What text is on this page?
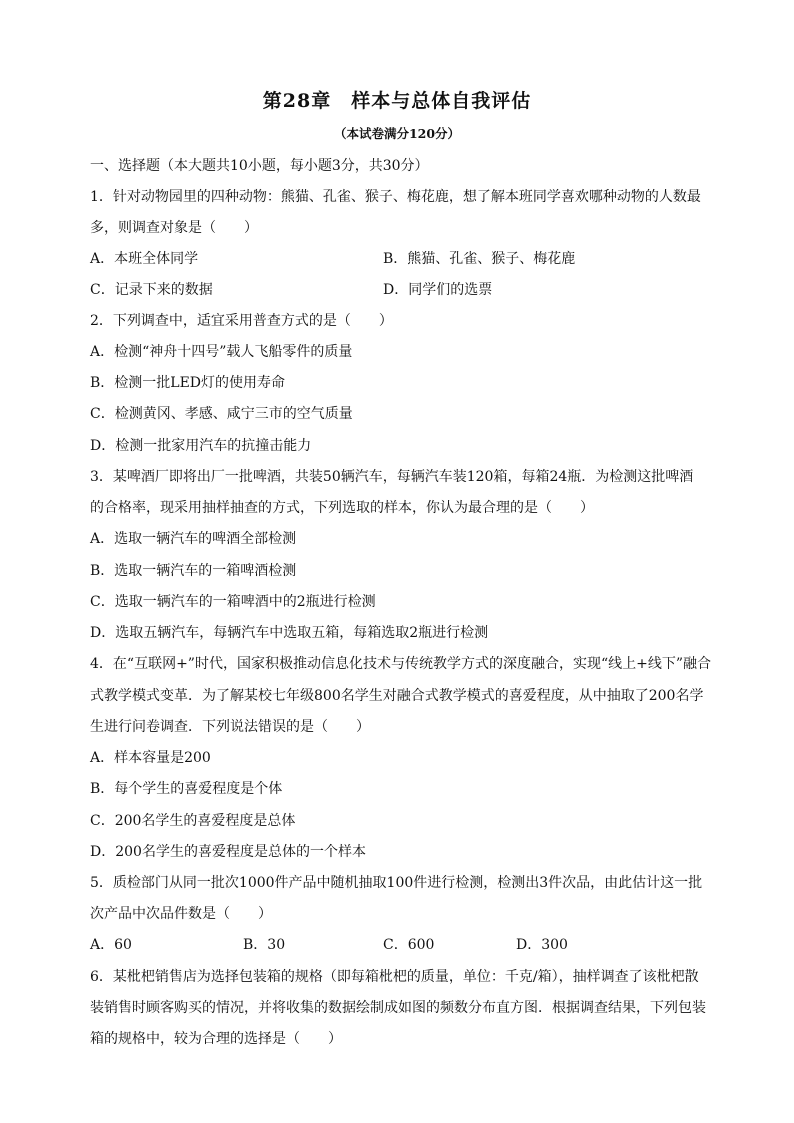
第28章　样本与总体自我评估
（本试卷满分120分）
一、选择题（本大题共10小题，每小题3分，共30分）
1．针对动物园里的四种动物：熊猫、孔雀、猴子、梅花鹿，想了解本班同学喜欢哪种动物的人数最
多，则调查对象是（　　）
A．本班全体同学	B．熊猫、孔雀、猴子、梅花鹿
C．记录下来的数据	D．同学们的选票
2．下列调查中，适宜采用普查方式的是（　　）
A．检测“神舟十四号”载人飞船零件的质量
B．检测一批LED灯的使用寿命
C．检测黄冈、孝感、咸宁三市的空气质量
D．检测一批家用汽车的抗撞击能力
3．某啤酒厂即将出厂一批啤酒，共装50辆汽车，每辆汽车装120箱，每箱24瓶．为检测这批啤酒
的合格率，现采用抽样抽查的方式，下列选取的样本，你认为最合理的是（　　）
A．选取一辆汽车的啤酒全部检测
B．选取一辆汽车的一箱啤酒检测
C．选取一辆汽车的一箱啤酒中的2瓶进行检测
D．选取五辆汽车，每辆汽车中选取五箱，每箱选取2瓶进行检测
4．在“互联网+”时代，国家积极推动信息化技术与传统教学方式的深度融合，实现“线上+线下”融合
式教学模式变革．为了解某校七年级800名学生对融合式教学模式的喜爱程度，从中抽取了200名学
生进行问卷调查．下列说法错误的是（　　）
A．样本容量是200
B．每个学生的喜爱程度是个体
C．200名学生的喜爱程度是总体
D．200名学生的喜爱程度是总体的一个样本
5．质检部门从同一批次1000件产品中随机抽取100件进行检测，检测出3件次品，由此估计这一批
次产品中次品件数是（　　）
A．60	B．30	C．600	D．300
6．某枇杷销售店为选择包装箱的规格（即每箱枇杷的质量，单位：千克/箱），抽样调查了该枇杷散
装销售时顾客购买的情况，并将收集的数据绘制成如图的频数分布直方图．根据调查结果，下列包装
箱的规格中，较为合理的选择是（　　）
